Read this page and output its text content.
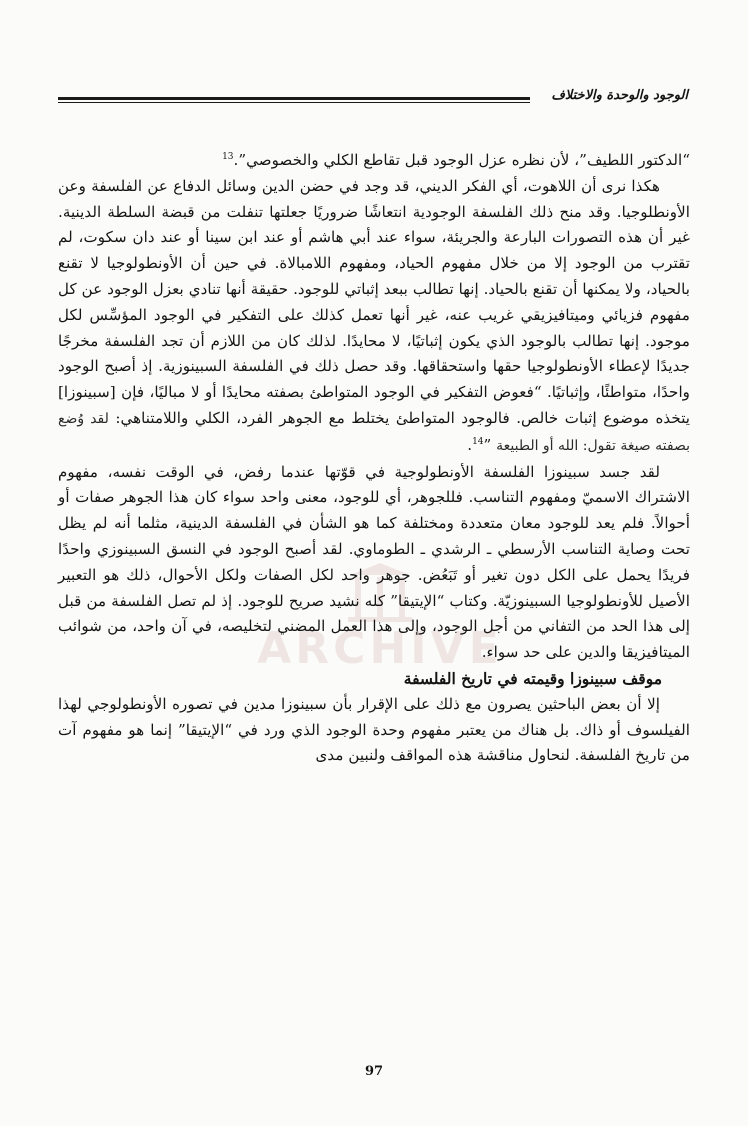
الوجود والوحدة والاختلاف
ARCHIVE

“الدكتور اللطيف”، لأن نظره عزل الوجود قبل تقاطع الكلي والخصوصي”.$^{13}$

هكذا نرى أن اللاهوت، أي الفكر الديني، قد وجد في حضن الدين وسائل الدفاع عن الفلسفة وعن الأونطلوجيا. وقد منح ذلك الفلسفة الوجودية انتعاشًا ضروريًا جعلتها تنفلت من قبضة السلطة الدينية. غير أن هذه التصورات البارعة والجريئة، سواء عند أبي هاشم أو عند ابن سينا أو عند دان سكوت، لم تقترب من الوجود إلا من خلال مفهوم الحياد، ومفهوم اللامبالاة. في حين أن الأونطولوجيا لا تقنع بالحياد، ولا يمكنها أن تقنع بالحياد. إنها تطالب ببعد إثباتي للوجود. حقيقة أنها تنادي بعزل الوجود عن كل مفهوم فزيائي وميتافيزيقي غريب عنه، غير أنها تعمل كذلك على التفكير في الوجود المؤسِّس لكل موجود. إنها تطالب بالوجود الذي يكون إثباتيًا، لا محايدًا. لذلك كان من اللازم أن تجد الفلسفة مخرجًا جديدًا لإعطاء الأونطولوجيا حقها واستحقاقها. وقد حصل ذلك في الفلسفة السبينوزية. إذ أصبح الوجود واحدًا، متواطئًا، وإثباتيًا. “فعوض التفكير في الوجود المتواطئ بصفته محايدًا أو لا مباليًا، فإن [سبينوزا] يتخذه موضوع إثبات خالص. فالوجود المتواطئ يختلط مع الجوهر الفرد، الكلي واللامتناهي: لقد وُضع بصفته صيغة تقول: الله أو الطبيعة ”$^{14}$.

لقد جسد سبينوزا الفلسفة الأونطولوجية في قوّتها عندما رفض، في الوقت نفسه، مفهوم الاشتراك الاسميّ ومفهوم التناسب. فللجوهر، أي للوجود، معنى واحد سواء كان هذا الجوهر صفات أو أحوالاً. فلم يعد للوجود معان متعددة ومختلفة كما هو الشأن في الفلسفة الدينية، مثلما أنه لم يظل تحت وصاية التناسب الأرسطي ـ الرشدي ـ الطوماوي. لقد أصبح الوجود في النسق السبينوزي واحدًا فريدًا يحمل على الكل دون تغير أو تَبَعُض. جوهر واحد لكل الصفات ولكل الأحوال، ذلك هو التعبير الأصيل للأونطولوجيا السبينوزيّة. وكتاب “الإيتيقا” كله نشيد صريح للوجود. إذ لم تصل الفلسفة من قبل إلى هذا الحد من التفاني من أجل الوجود، وإلى هذا العمل المضني لتخليصه، في آن واحد، من شوائب الميتافيزيقا والدين على حد سواء.

موقف سبينوزا وقيمته في تاريخ الفلسفة

إلا أن بعض الباحثين يصرون مع ذلك على الإقرار بأن سبينوزا مدين في تصوره الأونطولوجي لهذا الفيلسوف أو ذاك. بل هناك من يعتبر مفهوم وحدة الوجود الذي ورد في “الإيتيقا” إنما هو مفهوم آت من تاريخ الفلسفة. لنحاول مناقشة هذه المواقف ولنبين مدى

97
